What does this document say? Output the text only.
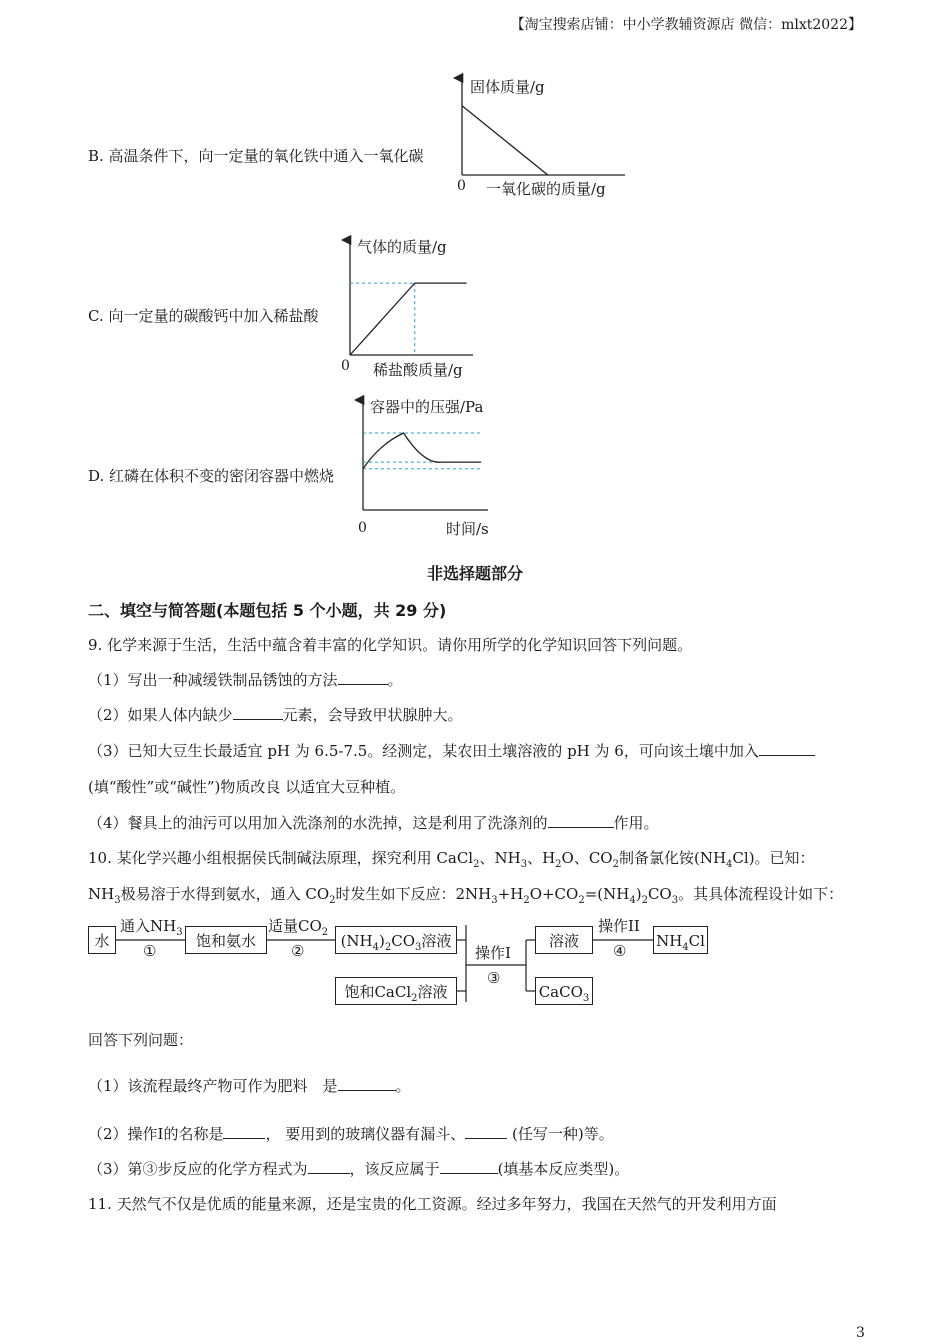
【淘宝搜索店铺：中小学教辅资源店 微信：mlxt2022】
B. 高温条件下，向一定量的氧化铁中通入一氧化碳
固体质量/g
0 一氧化碳的质量/g
C. 向一定量的碳酸钙中加入稀盐酸
气体的质量/g
0 稀盐酸质量/g
D. 红磷在体积不变的密闭容器中燃烧
容器中的压强/Pa
0	时间/s
非选择题部分
二、填空与简答题(本题包括 5 个小题，共 29 分)
9. 化学来源于生活，生活中蕴含着丰富的化学知识。请你用所学的化学知识回答下列问题。
（1）写出一种减缓铁制品锈蚀的方法	。
（2）如果人体内缺少	元素，会导致甲状腺肿大。
（3）已知大豆生长最适宜 pH 为 6.5-7.5。经测定，某农田土壤溶液的 pH 为 6，可向该土壤中加入
(填“酸性”或“碱性”)物质改良 以适宜大豆种植。
（4）餐具上的油污可以用加入洗涤剂的水洗掉，这是利用了洗涤剂的	作用。
10. 某化学兴趣小组根据侯氏制碱法原理，探究利用 CaCl$_2$、$NH_3$、$H_2O$、$CO_2$制备氯化铵$(NH_4Cl)$。已知：
$NH_3$极易溶于水得到氨水，通入 $CO_2$时发生如下反应：$2NH_3+H_2O+CO_2=(NH_4)_2CO_3$。其具体流程设计如下：
水
通入$NH_3$
①
饱和氨水
适量$CO_2$
②
$(NH_4)_2CO_3$溶液
饱和CaCl$_2$溶液
操作I
③
溶液
CaCO$_3$
操作II
④
$NH_4Cl$
回答下列问题：
（1）该流程最终产物可作为肥料　是	。
（2）操作Ⅰ的名称是	， 要用到的玻璃仪器有漏斗、	(任写一种)等。
（3）第③步反应的化学方程式为	，该反应属于	(填基本反应类型)。
11. 天然气不仅是优质的能量来源，还是宝贵的化工资源。经过多年努力，我国在天然气的开发利用方面
3
